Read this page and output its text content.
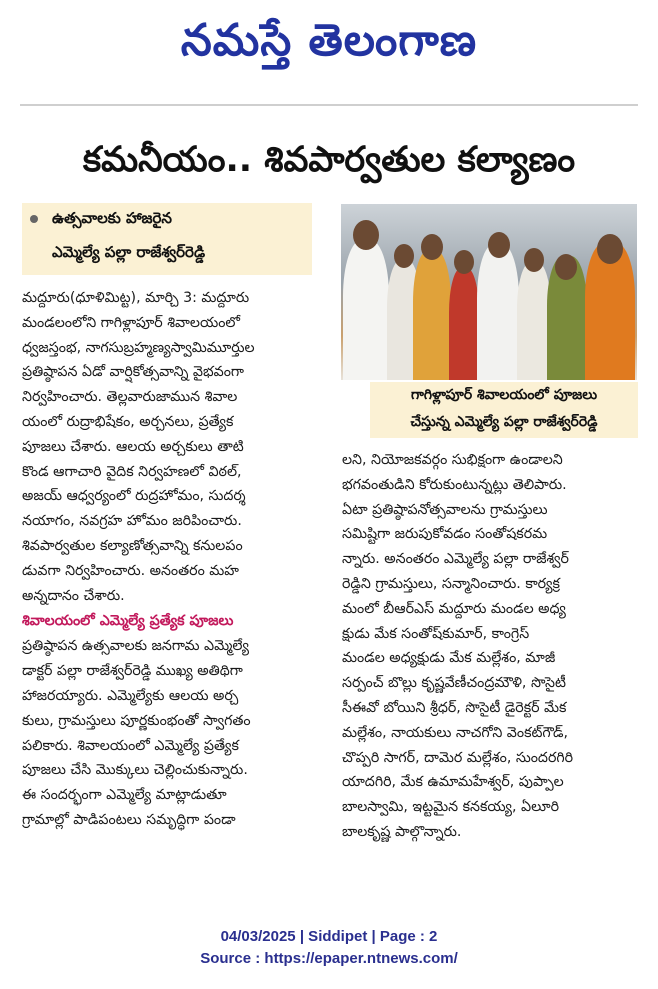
నమస్తే తెలంగాణ
కమనీయం.. శివపార్వతుల కల్యాణం
ఉత్సవాలకు హాజరైన
ఎమ్మెల్యే పల్లా రాజేశ్వర్‌రెడ్డి
గాగిళ్లాపూర్ శివాలయంలో పూజలు
చేస్తున్న ఎమ్మెల్యే పల్లా రాజేశ్వర్‌రెడ్డి
మద్దూరు(ధూళిమిట్ట), మార్చి 3: మద్దూరు
మండలంలోని గాగిళ్లాపూర్ శివాలయంలో
ధ్వజస్తంభ, నాగసుబ్రహ్మణ్యస్వామిమూర్తుల
ప్రతిష్ఠాపన ఏడో వార్షికోత్సవాన్ని వైభవంగా
నిర్వహించారు. తెల్లవారుజామున శివాల
యంలో రుద్రాభిషేకం, అర్చనలు, ప్రత్యేక
పూజలు చేశారు. ఆలయ అర్చకులు తాటి
కొండ ఆగాచారి వైదిక నిర్వహణలో విఠల్,
అజయ్ ఆధ్వర్యంలో రుద్రహోమం, సుదర్శ
నయాగం, నవగ్రహ హోమం జరిపించారు.
శివపార్వతుల కల్యాణోత్సవాన్ని కనులపం
డువగా నిర్వహించారు. అనంతరం మహ
అన్నదానం చేశారు.
శివాలయంలో ఎమ్మెల్యే ప్రత్యేక పూజలు
ప్రతిష్ఠాపన ఉత్సవాలకు జనగామ ఎమ్మెల్యే
డాక్టర్ పల్లా రాజేశ్వర్‌రెడ్డి ముఖ్య అతిథిగా
హాజరయ్యారు. ఎమ్మెల్యేకు ఆలయ అర్చ
కులు, గ్రామస్తులు పూర్ణకుంభంతో స్వాగతం
పలికారు. శివాలయంలో ఎమ్మెల్యే ప్రత్యేక
పూజలు చేసి మొక్కులు చెల్లించుకున్నారు.
ఈ సందర్భంగా ఎమ్మెల్యే మాట్లాడుతూ
గ్రామాల్లో పాడిపంటలు సమృద్ధిగా పండా
లని, నియోజకవర్గం సుభిక్షంగా ఉండాలని
భగవంతుడిని కోరుకుంటున్నట్లు తెలిపారు.
ఏటా ప్రతిష్ఠాపనోత్సవాలను గ్రామస్తులు
సమిష్టిగా జరుపుకోవడం సంతోషకరమ
న్నారు. అనంతరం ఎమ్మెల్యే పల్లా రాజేశ్వర్
రెడ్డిని గ్రామస్తులు, సన్మానించారు. కార్యక్ర
మంలో బీఆర్ఎస్ మద్దూరు మండల అధ్య
క్షుడు మేక సంతోష్‌కుమార్, కాంగ్రెస్
మండల అధ్యక్షుడు మేక మల్లేశం, మాజీ
సర్పంచ్ బొల్లు కృష్ణవేణీచంద్రమౌళి, సొసైటీ
సీఈవో బోయిని శ్రీధర్, సొసైటీ డైరెక్టర్ మేక
మల్లేశం, నాయకులు నాచగోని వెంకట్‌గౌడ్,
చొప్పరి సాగర్, దామెర మల్లేశం, సుందరగిరి
యాదగిరి, మేక ఉమామహేశ్వర్, పుప్పాల
బాలస్వామి, ఇట్టమైన కనకయ్య, ఏలూరి
బాలకృష్ణ పాల్గొన్నారు.
04/03/2025 | Siddipet | Page : 2
Source : https://epaper.ntnews.com/
